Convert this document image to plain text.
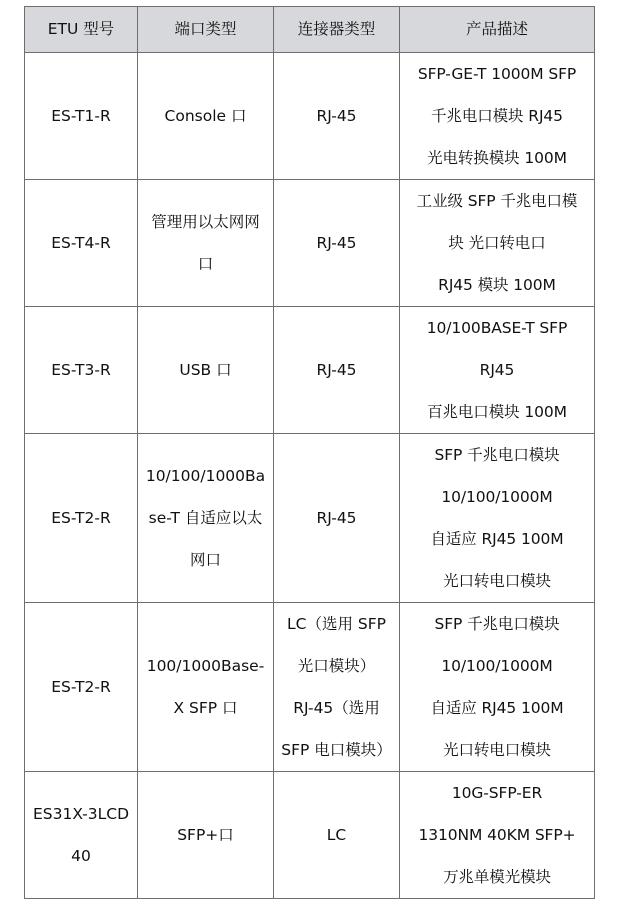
ETU 型号	端口类型	连接器类型	产品描述

ES-T1-R	Console 口	RJ-45	SFP-GE-T 1000M SFP
千兆电口模块 RJ45
光电转换模块 100M

ES-T4-R	管理用以太网网
口	RJ-45	工业级 SFP 千兆电口模
块 光口转电口
RJ45 模块 100M

ES-T3-R	USB 口	RJ-45	10/100BASE-T SFP
RJ45
百兆电口模块 100M

ES-T2-R	10/100/1000Ba
se-T 自适应以太
网口	RJ-45	SFP 千兆电口模块
10/100/1000M
自适应 RJ45 100M
光口转电口模块

ES-T2-R	100/1000Base-
X SFP 口	LC（选用 SFP
光口模块）
RJ-45（选用
SFP 电口模块）	SFP 千兆电口模块
10/100/1000M
自适应 RJ45 100M
光口转电口模块

ES31X-3LCD
40	SFP+口	LC	10G-SFP-ER
1310NM 40KM SFP+
万兆单模光模块
